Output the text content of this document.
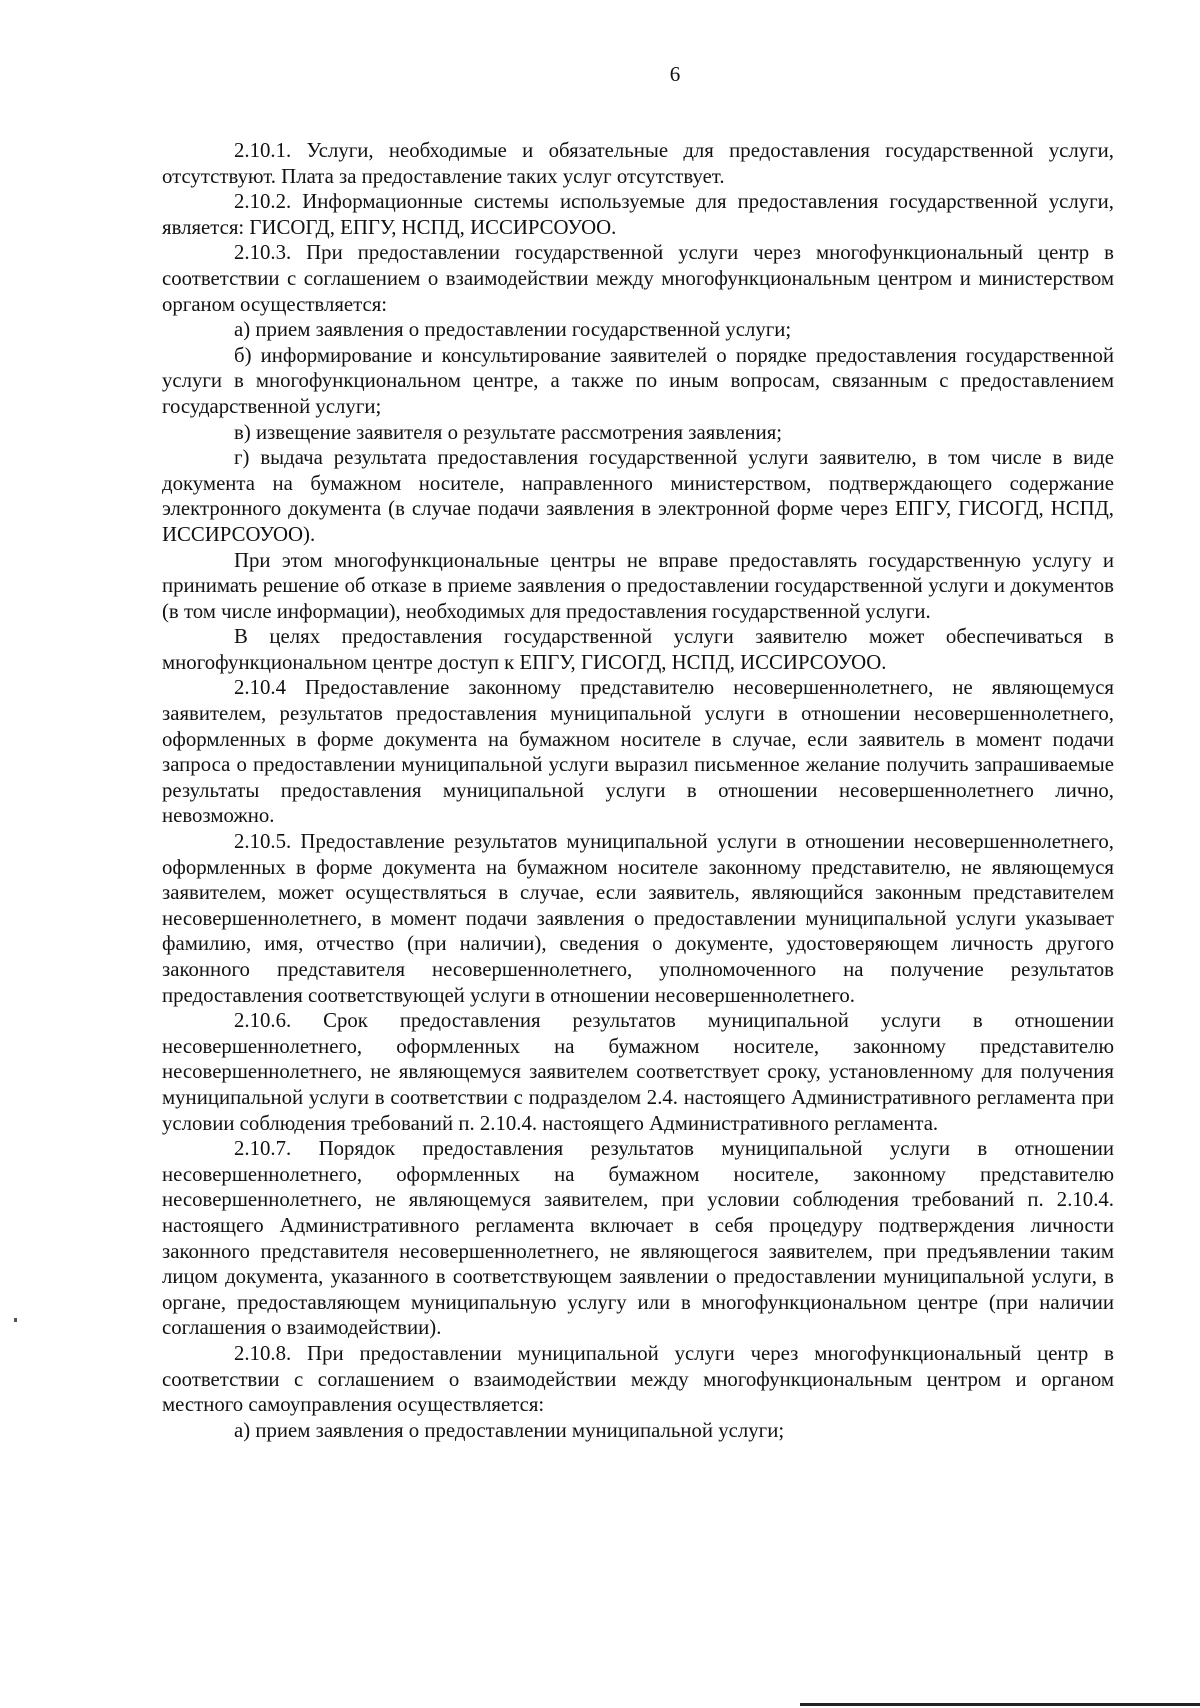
6

2.10.1. Услуги, необходимые и обязательные для предоставления государственной услуги, отсутствуют. Плата за предоставление таких услуг отсутствует.

2.10.2. Информационные системы используемые для предоставления государственной услуги, является: ГИСОГД, ЕПГУ, НСПД, ИССИРСОУОО.

2.10.3. При предоставлении государственной услуги через многофункциональный центр в соответствии с соглашением о взаимодействии между многофункциональным центром и министерством органом осуществляется:

а) прием заявления о предоставлении государственной услуги;

б) информирование и консультирование заявителей о порядке предоставления государственной услуги в многофункциональном центре, а также по иным вопросам, связанным с предоставлением государственной услуги;

в) извещение заявителя о результате рассмотрения заявления;

г) выдача результата предоставления государственной услуги заявителю, в том числе в виде документа на бумажном носителе, направленного министерством, подтверждающего содержание электронного документа (в случае подачи заявления в электронной форме через ЕПГУ, ГИСОГД, НСПД, ИССИРСОУОО).

При этом многофункциональные центры не вправе предоставлять государственную услугу и принимать решение об отказе в приеме заявления о предоставлении государственной услуги и документов (в том числе информации), необходимых для предоставления государственной услуги.

В целях предоставления государственной услуги заявителю может обеспечиваться в многофункциональном центре доступ к ЕПГУ, ГИСОГД, НСПД, ИССИРСОУОО.

2.10.4 Предоставление законному представителю несовершеннолетнего, не являющемуся заявителем, результатов предоставления муниципальной услуги в отношении несовершеннолетнего, оформленных в форме документа на бумажном носителе в случае, если заявитель в момент подачи запроса о предоставлении муниципальной услуги выразил письменное желание получить запрашиваемые результаты предоставления муниципальной услуги в отношении несовершеннолетнего лично, невозможно.

2.10.5. Предоставление результатов муниципальной услуги в отношении несовершеннолетнего, оформленных в форме документа на бумажном носителе законному представителю, не являющемуся заявителем, может осуществляться в случае, если заявитель, являющийся законным представителем несовершеннолетнего, в момент подачи заявления о предоставлении муниципальной услуги указывает фамилию, имя, отчество (при наличии), сведения о документе, удостоверяющем личность другого законного представителя несовершеннолетнего, уполномоченного на получение результатов предоставления соответствующей услуги в отношении несовершеннолетнего.

2.10.6. Срок предоставления результатов муниципальной услуги в отношении несовершеннолетнего, оформленных на бумажном носителе, законному представителю несовершеннолетнего, не являющемуся заявителем соответствует сроку, установленному для получения муниципальной услуги в соответствии с подразделом 2.4. настоящего Административного регламента при условии соблюдения требований п. 2.10.4. настоящего Административного регламента.

2.10.7. Порядок предоставления результатов муниципальной услуги в отношении несовершеннолетнего, оформленных на бумажном носителе, законному представителю несовершеннолетнего, не являющемуся заявителем, при условии соблюдения требований п. 2.10.4. настоящего Административного регламента включает в себя процедуру подтверждения личности законного представителя несовершеннолетнего, не являющегося заявителем, при предъявлении таким лицом документа, указанного в соответствующем заявлении о предоставлении муниципальной услуги, в органе, предоставляющем муниципальную услугу или в многофункциональном центре (при наличии соглашения о взаимодействии).

2.10.8. При предоставлении муниципальной услуги через многофункциональный центр в соответствии с соглашением о взаимодействии между многофункциональным центром и органом местного самоуправления осуществляется:

а) прием заявления о предоставлении муниципальной услуги;
